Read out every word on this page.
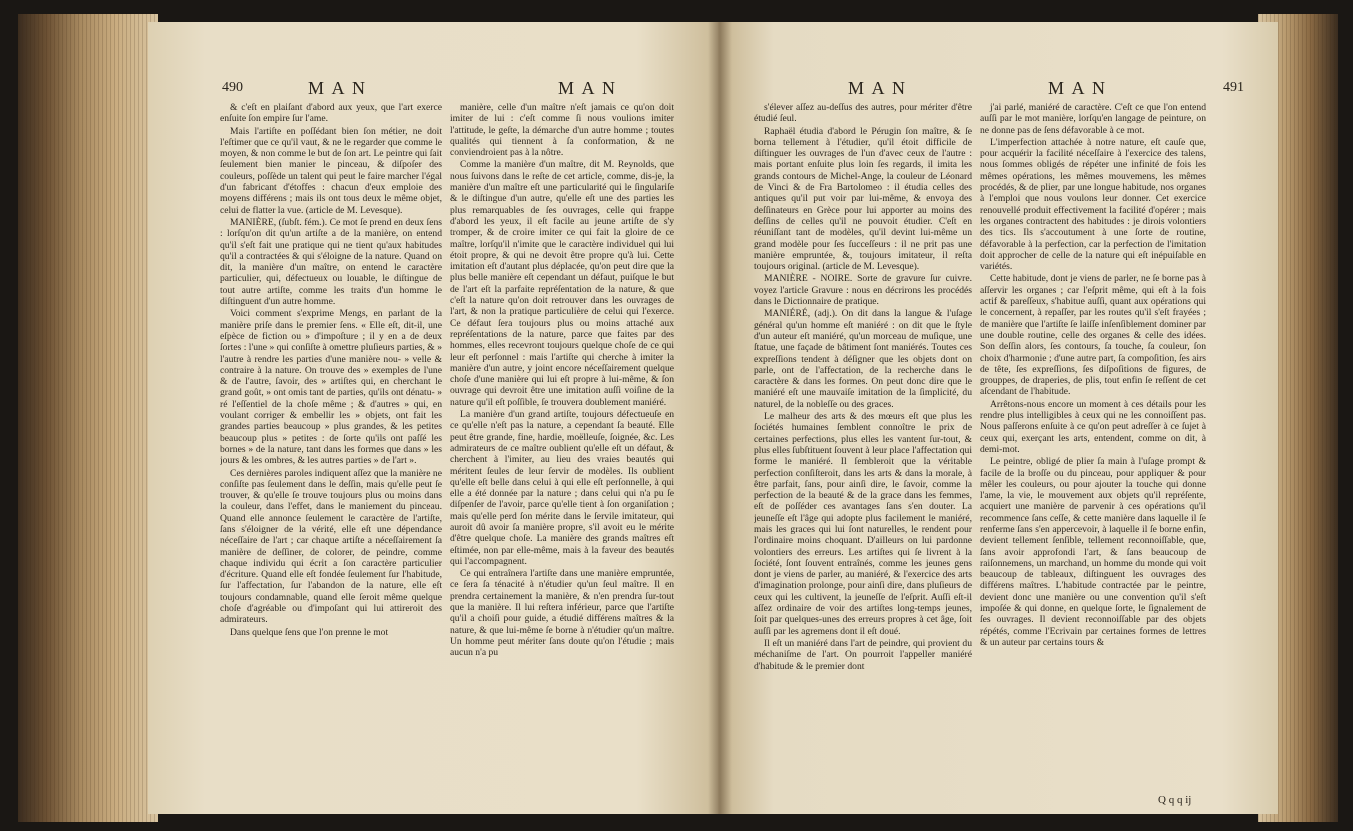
490	M A N	M A N

& c'eſt en plaiſant d'abord aux yeux, que l'art exerce enſuite ſon empire ſur l'ame.

Mais l'artiſte en poſſédant bien ſon métier, ne doit l'eſtimer que ce qu'il vaut, & ne le regarder que comme le moyen, & non comme le but de ſon art. Le peintre qui ſait ſeulement bien manier le pinceau, & diſpoſer des couleurs, poſſède un talent qui peut le faire marcher l'égal d'un fabricant d'étoffes : chacun d'eux emploie des moyens différens ; mais ils ont tous deux le même objet, celui de flatter la vue. (article de M. Levesque).

MANIÈRE, (ſubſt. fém.). Ce mot ſe prend en deux ſens : lorſqu'on dit qu'un artiſte a de la manière, on entend qu'il s'eſt fait une pratique qui ne tient qu'aux habitudes qu'il a contractées & qui s'éloigne de la nature. Quand on dit, la manière d'un maître, on entend le caractère particulier, qui, défectueux ou louable, le diſtingue de tout autre artiſte, comme les traits d'un homme le diſtinguent d'un autre homme.

Voici comment s'exprime Mengs, en parlant de la manière priſe dans le premier ſens. « Elle eſt, dit-il, une eſpèce de fiction ou » d'impoſture ; il y en a de deux ſortes : l'une » qui conſiſte à omettre pluſieurs parties, & » l'autre à rendre les parties d'une manière nou- » velle & contraire à la nature. On trouve des » exemples de l'une & de l'autre, ſavoir, des » artiſtes qui, en cherchant le grand goût, » ont omis tant de parties, qu'ils ont dénatu- » ré l'eſſentiel de la choſe même ; & d'autres » qui, en voulant corriger & embellir les » objets, ont fait les grandes parties beaucoup » plus grandes, & les petites beaucoup plus » petites : de ſorte qu'ils ont paſſé les bornes » de la nature, tant dans les formes que dans » les jours & les ombres, & les autres parties » de l'art ».

Ces dernières paroles indiquent aſſez que la manière ne conſiſte pas ſeulement dans le deſſin, mais qu'elle peut ſe trouver, & qu'elle ſe trouve toujours plus ou moins dans la couleur, dans l'effet, dans le maniement du pinceau. Quand elle annonce ſeulement le caractère de l'artiſte, ſans s'éloigner de la vérité, elle eſt une dépendance néceſſaire de l'art ; car chaque artiſte a néceſſairement ſa manière de deſſiner, de colorer, de peindre, comme chaque individu qui écrit a ſon caractère particulier d'écriture. Quand elle eſt fondée ſeulement ſur l'habitude, ſur l'affectation, ſur l'abandon de la nature, elle eſt toujours condamnable, quand elle ſeroit même quelque choſe d'agréable ou d'impoſant qui lui attireroit des admirateurs.

Dans quelque ſens que l'on prenne le mot

manière, celle d'un maître n'eſt jamais ce qu'on doit imiter de lui : c'eſt comme ſi nous voulions imiter l'attitude, le geſte, la démarche d'un autre homme ; toutes qualités qui tiennent à ſa conformation, & ne conviendroient pas à la nôtre.

Comme la manière d'un maître, dit M. Reynolds, que nous ſuivons dans le reſte de cet article, comme, dis-je, la manière d'un maître eſt une particularité qui le ſingulariſe & le diſtingue d'un autre, qu'elle eſt une des parties les plus remarquables de ſes ouvrages, celle qui frappe d'abord les yeux, il eſt facile au jeune artiſte de s'y tromper, & de croire imiter ce qui fait la gloire de ce maître, lorſqu'il n'imite que le caractère individuel qui lui étoit propre, & qui ne devoit être propre qu'à lui. Cette imitation eſt d'autant plus déplacée, qu'on peut dire que la plus belle manière eſt cependant un défaut, puiſque le but de l'art eſt la parfaite repréſentation de la nature, & que c'eſt la nature qu'on doit retrouver dans les ouvrages de l'art, & non la pratique particulière de celui qui l'exerce. Ce défaut ſera toujours plus ou moins attaché aux repréſentations de la nature, parce que faites par des hommes, elles recevront toujours quelque choſe de ce qui leur eſt perſonnel : mais l'artiſte qui cherche à imiter la manière d'un autre, y joint encore néceſſairement quelque choſe d'une manière qui lui eſt propre à lui-même, & ſon ouvrage qui devroit être une imitation auſſi voiſine de la nature qu'il eſt poſſible, ſe trouvera doublement maniéré.

La manière d'un grand artiſte, toujours défectueuſe en ce qu'elle n'eſt pas la nature, a cependant ſa beauté. Elle peut être grande, fine, hardie, moëlleuſe, ſoignée, &c. Les admirateurs de ce maître oublient qu'elle eſt un défaut, & cherchent à l'imiter, au lieu des vraies beautés qui méritent ſeules de leur ſervir de modèles. Ils oublient qu'elle eſt belle dans celui à qui elle eſt perſonnelle, à qui elle a été donnée par la nature ; dans celui qui n'a pu ſe diſpenſer de l'avoir, parce qu'elle tient à ſon organiſation ; mais qu'elle perd ſon mérite dans le ſervile imitateur, qui auroit dû avoir ſa manière propre, s'il avoit eu le mérite d'être quelque choſe. La manière des grands maîtres eſt eſtimée, non par elle-même, mais à la faveur des beautés qui l'accompagnent.

Ce qui entraînera l'artiſte dans une manière empruntée, ce ſera ſa ténacité à n'étudier qu'un ſeul maître. Il en prendra certainement la manière, & n'en prendra ſur-tout que la manière. Il lui reſtera inférieur, parce que l'artiſte qu'il a choiſi pour guide, a étudié différens maîtres & la nature, & que lui-même ſe borne à n'étudier qu'un maître. Un homme peut mériter ſans doute qu'on l'étudie ; mais aucun n'a pu

M A N	M A N	491

s'élever aſſez au-deſſus des autres, pour mériter d'être étudié ſeul.

Raphaël étudia d'abord le Pérugin ſon maître, & ſe borna tellement à l'étudier, qu'il étoit difficile de diſtinguer les ouvrages de l'un d'avec ceux de l'autre : mais portant enſuite plus loin ſes regards, il imita les grands contours de Michel-Ange, la couleur de Léonard de Vinci & de Fra Bartolomeo : il étudia celles des antiques qu'il put voir par lui-même, & envoya des deſſinateurs en Grèce pour lui apporter au moins des deſſins de celles qu'il ne pouvoit étudier. C'eſt en réuniſſant tant de modèles, qu'il devint lui-même un grand modèle pour ſes ſucceſſeurs : il ne prit pas une manière empruntée, &, toujours imitateur, il reſta toujours original. (article de M. Levesque).

MANIÈRE - NOIRE. Sorte de gravure ſur cuivre. voyez l'article Gravure : nous en décrirons les procédés dans le Dictionnaire de pratique.

MANIÉRÉ, (adj.). On dit dans la langue & l'uſage général qu'un homme eſt maniéré : on dit que le ſtyle d'un auteur eſt maniéré, qu'un morceau de muſique, une ſtatue, une façade de bâtiment ſont maniérés. Toutes ces expreſſions tendent à déſigner que les objets dont on parle, ont de l'affectation, de la recherche dans le caractère & dans les formes. On peut donc dire que le maniéré eſt une mauvaiſe imitation de la ſimplicité, du naturel, de la nobleſſe ou des graces.

Le malheur des arts & des mœurs eſt que plus les ſociétés humaines ſemblent connoître le prix de certaines perfections, plus elles les vantent ſur-tout, & plus elles ſubſtituent ſouvent à leur place l'affectation qui forme le maniéré. Il ſembleroit que la véritable perfection conſiſteroit, dans les arts & dans la morale, à être parfait, ſans, pour ainſi dire, le ſavoir, comme la perfection de la beauté & de la grace dans les femmes, eſt de poſſéder ces avantages ſans s'en douter. La jeuneſſe eſt l'âge qui adopte plus facilement le maniéré, mais les graces qui lui ſont naturelles, le rendent pour l'ordinaire moins choquant. D'ailleurs on lui pardonne volontiers des erreurs. Les artiſtes qui ſe livrent à la ſociété, ſont ſouvent entraînés, comme les jeunes gens dont je viens de parler, au maniéré, & l'exercice des arts d'imagination prolonge, pour ainſi dire, dans pluſieurs de ceux qui les cultivent, la jeuneſſe de l'eſprit. Auſſi eſt-il aſſez ordinaire de voir des artiſtes long-temps jeunes, ſoit par quelques-unes des erreurs propres à cet âge, ſoit auſſi par les agremens dont il eſt doué.

Il eſt un maniéré dans l'art de peindre, qui provient du méchaniſme de l'art. On pourroit l'appeller maniéré d'habitude & le premier dont

j'ai parlé, maniéré de caractère. C'eſt ce que l'on entend auſſi par le mot manière, lorſqu'en langage de peinture, on ne donne pas de ſens défavorable à ce mot.

L'imperfection attachée à notre nature, eſt cauſe que, pour acquérir la facilité néceſſaire à l'exercice des talens, nous ſommes obligés de répéter une infinité de fois les mêmes opérations, les mêmes mouvemens, les mêmes procédés, & de plier, par une longue habitude, nos organes à l'emploi que nous voulons leur donner. Cet exercice renouvellé produit effectivement la facilité d'opérer ; mais les organes contractent des habitudes : je dirois volontiers des tics. Ils s'accoutument à une ſorte de routine, défavorable à la perfection, car la perfection de l'imitation doit approcher de celle de la nature qui eſt inépuiſable en variétés.

Cette habitude, dont je viens de parler, ne ſe borne pas à aſſervir les organes ; car l'eſprit même, qui eſt à la fois actif & pareſſeux, s'habitue auſſi, quant aux opérations qui le concernent, à repaſſer, par les routes qu'il s'eſt frayées ; de manière que l'artiſte ſe laiſſe inſenſiblement dominer par une double routine, celle des organes & celle des idées. Son deſſin alors, ſes contours, ſa touche, ſa couleur, ſon choix d'harmonie ; d'une autre part, ſa compoſition, ſes airs de tête, ſes expreſſions, ſes diſpoſitions de figures, de grouppes, de draperies, de plis, tout enfin ſe reſſent de cet aſcendant de l'habitude.

Arrêtons-nous encore un moment à ces détails pour les rendre plus intelligibles à ceux qui ne les connoiſſent pas. Nous paſſerons enſuite à ce qu'on peut adreſſer à ce ſujet à ceux qui, exerçant les arts, entendent, comme on dit, à demi-mot.

Le peintre, obligé de plier ſa main à l'uſage prompt & facile de la broſſe ou du pinceau, pour appliquer & pour mêler les couleurs, ou pour ajouter la touche qui donne l'ame, la vie, le mouvement aux objets qu'il repréſente, acquiert une manière de parvenir à ces opérations qu'il recommence ſans ceſſe, & cette manière dans laquelle il ſe renferme ſans s'en appercevoir, à laquelle il ſe borne enfin, devient tellement ſenſible, tellement reconnoiſſable, que, ſans avoir approfondi l'art, & ſans beaucoup de raiſonnemens, un marchand, un homme du monde qui voit beaucoup de tableaux, diſtinguent les ouvrages des différens maîtres. L'habitude contractée par le peintre, devient donc une manière ou une convention qu'il s'eſt impoſée & qui donne, en quelque ſorte, le ſignalement de ſes ouvrages. Il devient reconnoiſſable par des objets répétés, comme l'Ecrivain par certaines formes de lettres & un auteur par certains tours &

Q q q ij
